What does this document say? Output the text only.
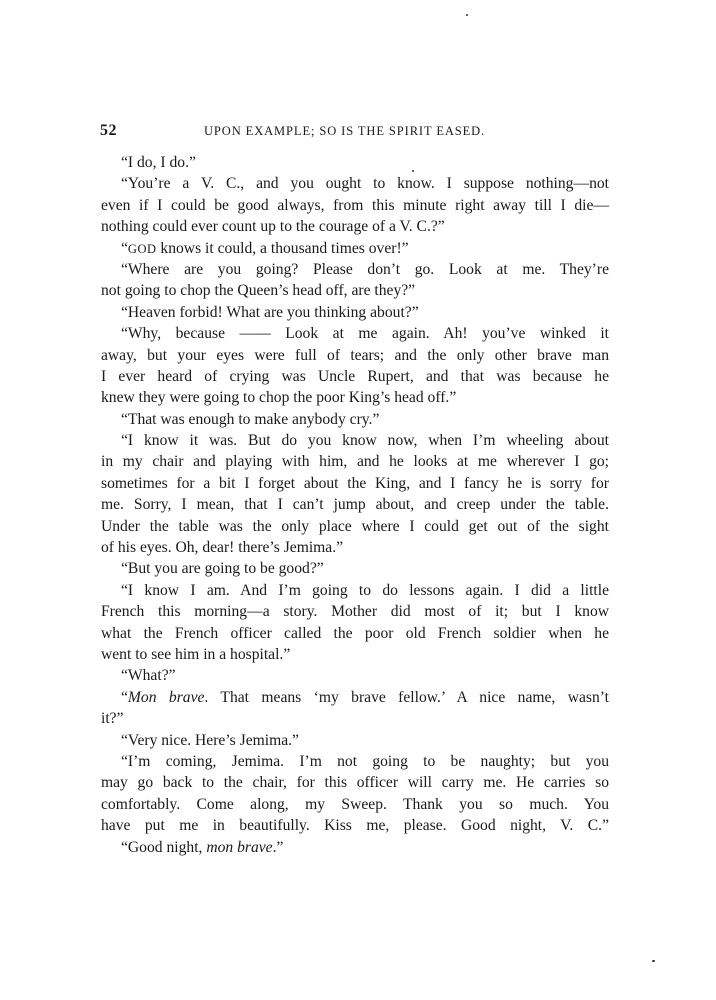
52	UPON EXAMPLE; SO IS THE SPIRIT EASED.
“I do, I do.”
“You’re a V. C., and you ought to know. I suppose nothing—not
even if I could be good always, from this minute right away till I die—
nothing could ever count up to the courage of a V. C.?”
“GOD knows it could, a thousand times over!”
“Where are you going? Please don’t go. Look at me. They’re
not going to chop the Queen’s head off, are they?”
“Heaven forbid! What are you thinking about?”
“Why, because —— Look at me again. Ah! you’ve winked it
away, but your eyes were full of tears; and the only other brave man
I ever heard of crying was Uncle Rupert, and that was because he
knew they were going to chop the poor King’s head off.”
“That was enough to make anybody cry.”
“I know it was. But do you know now, when I’m wheeling about
in my chair and playing with him, and he looks at me wherever I go;
sometimes for a bit I forget about the King, and I fancy he is sorry for
me. Sorry, I mean, that I can’t jump about, and creep under the table.
Under the table was the only place where I could get out of the sight
of his eyes. Oh, dear! there’s Jemima.”
“But you are going to be good?”
“I know I am. And I’m going to do lessons again. I did a little
French this morning—a story. Mother did most of it; but I know
what the French officer called the poor old French soldier when he
went to see him in a hospital.”
“What?”
“Mon brave. That means ‘my brave fellow.’ A nice name, wasn’t
it?”
“Very nice. Here’s Jemima.”
“I’m coming, Jemima. I’m not going to be naughty; but you
may go back to the chair, for this officer will carry me. He carries so
comfortably. Come along, my Sweep. Thank you so much. You
have put me in beautifully. Kiss me, please. Good night, V. C.”
“Good night, mon brave.”
